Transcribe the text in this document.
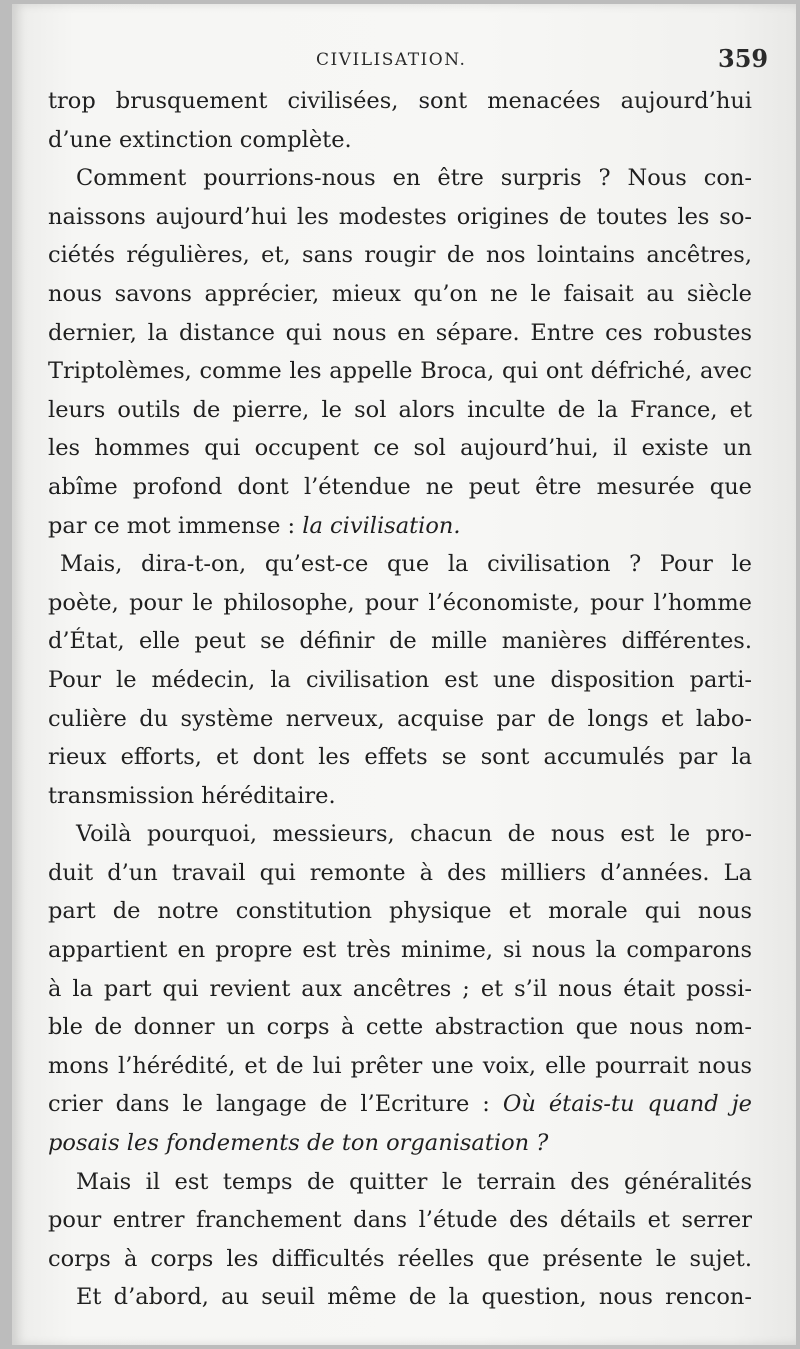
CIVILISATION.	359
trop brusquement civilisées, sont menacées aujourd’hui
d’une extinction complète.
Comment pourrions-nous en être surpris ? Nous con-
naissons aujourd’hui les modestes origines de toutes les so-
ciétés régulières, et, sans rougir de nos lointains ancêtres,
nous savons apprécier, mieux qu’on ne le faisait au siècle
dernier, la distance qui nous en sépare. Entre ces robustes
Triptolèmes, comme les appelle Broca, qui ont défriché, avec
leurs outils de pierre, le sol alors inculte de la France, et
les hommes qui occupent ce sol aujourd’hui, il existe un
abîme profond dont l’étendue ne peut être mesurée que
par ce mot immense : la civilisation.
Mais, dira-t-on, qu’est-ce que la civilisation ? Pour le
poète, pour le philosophe, pour l’économiste, pour l’homme
d’État, elle peut se définir de mille manières différentes.
Pour le médecin, la civilisation est une disposition parti-
culière du système nerveux, acquise par de longs et labo-
rieux efforts, et dont les effets se sont accumulés par la
transmission héréditaire.
Voilà pourquoi, messieurs, chacun de nous est le pro-
duit d’un travail qui remonte à des milliers d’années. La
part de notre constitution physique et morale qui nous
appartient en propre est très minime, si nous la comparons
à la part qui revient aux ancêtres ; et s’il nous était possi-
ble de donner un corps à cette abstraction que nous nom-
mons l’hérédité, et de lui prêter une voix, elle pourrait nous
crier dans le langage de l’Ecriture : Où étais-tu quand je
posais les fondements de ton organisation ?
Mais il est temps de quitter le terrain des généralités
pour entrer franchement dans l’étude des détails et serrer
corps à corps les difficultés réelles que présente le sujet.
Et d’abord, au seuil même de la question, nous rencon-
